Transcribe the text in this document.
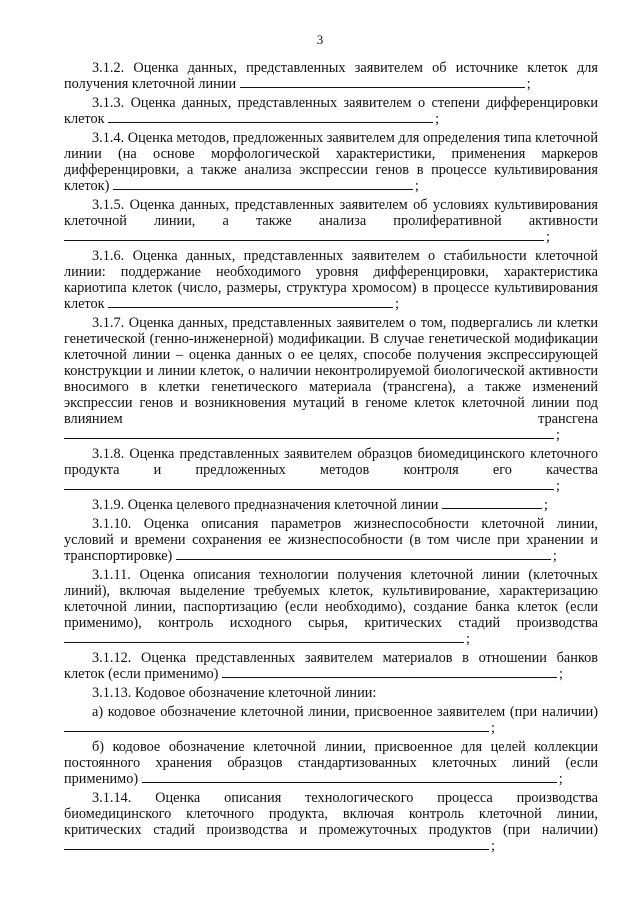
3
3.1.2. Оценка данных, представленных заявителем об источнике клеток для получения клеточной линии	;
3.1.3. Оценка данных, представленных заявителем о степени дифференцировки клеток	;
3.1.4. Оценка методов, предложенных заявителем для определения типа клеточной линии (на основе морфологической характеристики, применения маркеров дифференцировки, а также анализа экспрессии генов в процессе культивирования клеток)	;
3.1.5. Оценка данных, представленных заявителем об условиях культивирования клеточной линии, а также анализа пролиферативной активности ;
3.1.6. Оценка данных, представленных заявителем о стабильности клеточной линии: поддержание необходимого уровня дифференцировки, характеристика кариотипа клеток (число, размеры, структура хромосом) в процессе культивирования клеток	;
3.1.7. Оценка данных, представленных заявителем о том, подвергались ли клетки генетической (генно-инженерной) модификации. В случае генетической модификации клеточной линии – оценка данных о ее целях, способе получения экспрессирующей конструкции и линии клеток, о наличии неконтролируемой биологической активности вносимого в клетки генетического материала (трансгена), а также изменений экспрессии генов и возникновения мутаций в геноме клеток клеточной линии под влиянием трансгена ;
3.1.8. Оценка представленных заявителем образцов биомедицинского клеточного продукта и предложенных методов контроля его качества ;
3.1.9. Оценка целевого предназначения клеточной линии	;
3.1.10. Оценка описания параметров жизнеспособности клеточной линии, условий и времени сохранения ее жизнеспособности (в том числе при хранении и транспортировке)	;
3.1.11. Оценка описания технологии получения клеточной линии (клеточных линий), включая выделение требуемых клеток, культивирование, характеризацию клеточной линии, паспортизацию (если необходимо), создание банка клеток (если применимо), контроль исходного сырья, критических стадий производства ;
3.1.12. Оценка представленных заявителем материалов в отношении банков клеток (если применимо)	;
3.1.13. Кодовое обозначение клеточной линии:
а) кодовое обозначение клеточной линии, присвоенное заявителем (при наличии) ;
б) кодовое обозначение клеточной линии, присвоенное для целей коллекции постоянного хранения образцов стандартизованных клеточных линий (если применимо)	;
3.1.14. Оценка описания технологического процесса производства биомедицинского клеточного продукта, включая контроль клеточной линии, критических стадий производства и промежуточных продуктов (при наличии) ;
